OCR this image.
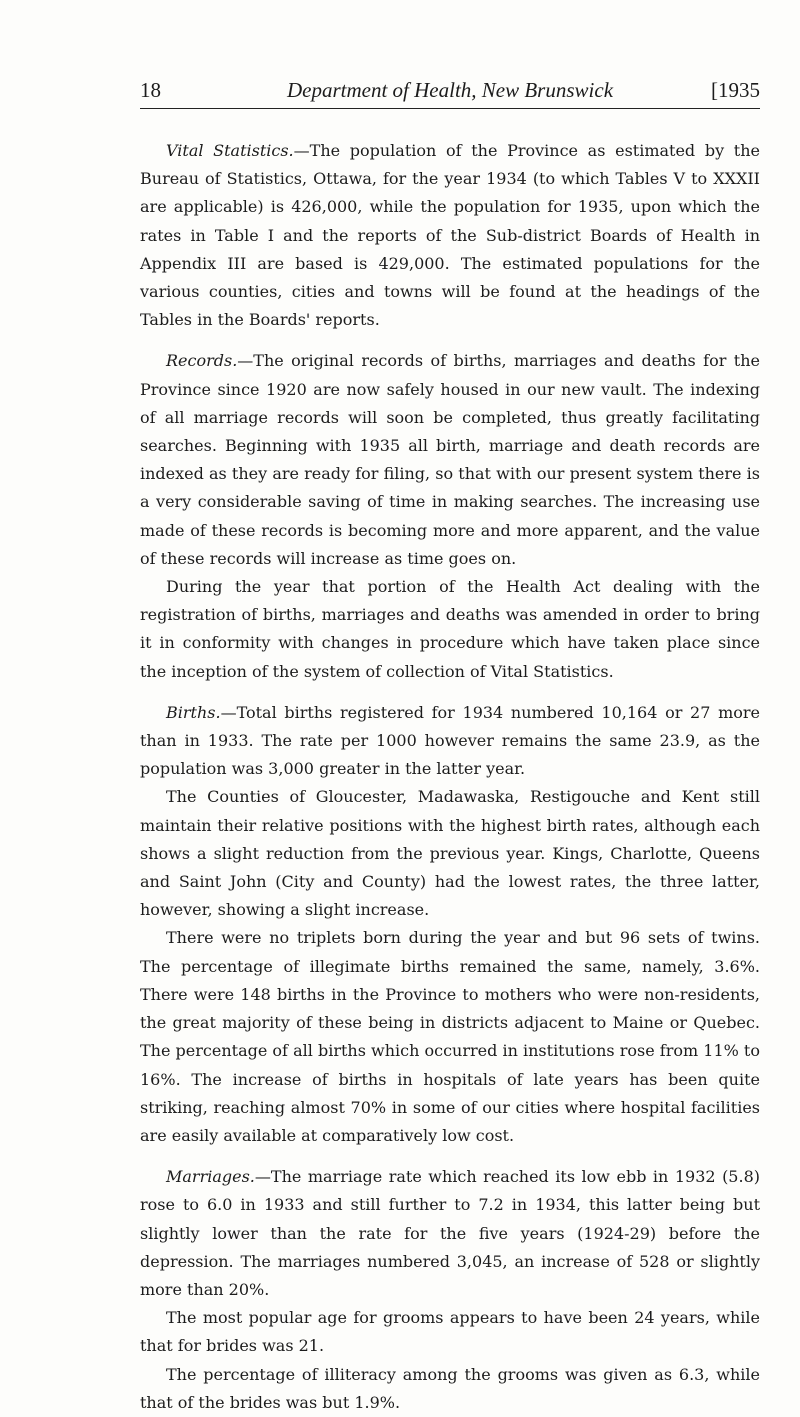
18	Department of Health, New Brunswick	[1935

Vital Statistics.—The population of the Province as estimated by the Bureau of Statistics, Ottawa, for the year 1934 (to which Tables V to XXXII are applicable) is 426,000, while the population for 1935, upon which the rates in Table I and the reports of the Sub-district Boards of Health in Appendix III are based is 429,000. The estimated populations for the various counties, cities and towns will be found at the headings of the Tables in the Boards' reports.

Records.—The original records of births, marriages and deaths for the Province since 1920 are now safely housed in our new vault. The indexing of all marriage records will soon be completed, thus greatly facilitating searches. Beginning with 1935 all birth, marriage and death records are indexed as they are ready for filing, so that with our present system there is a very considerable saving of time in making searches. The increasing use made of these records is becoming more and more apparent, and the value of these records will increase as time goes on.

During the year that portion of the Health Act dealing with the registration of births, marriages and deaths was amended in order to bring it in conformity with changes in procedure which have taken place since the inception of the system of collection of Vital Statistics.

Births.—Total births registered for 1934 numbered 10,164 or 27 more than in 1933. The rate per 1000 however remains the same 23.9, as the population was 3,000 greater in the latter year.

The Counties of Gloucester, Madawaska, Restigouche and Kent still maintain their relative positions with the highest birth rates, although each shows a slight reduction from the previous year. Kings, Charlotte, Queens and Saint John (City and County) had the lowest rates, the three latter, however, showing a slight increase.

There were no triplets born during the year and but 96 sets of twins. The percentage of illegimate births remained the same, namely, 3.6%. There were 148 births in the Province to mothers who were non-residents, the great majority of these being in districts adjacent to Maine or Quebec. The percentage of all births which occurred in institutions rose from 11% to 16%. The increase of births in hospitals of late years has been quite striking, reaching almost 70% in some of our cities where hospital facilities are easily available at comparatively low cost.

Marriages.—The marriage rate which reached its low ebb in 1932 (5.8) rose to 6.0 in 1933 and still further to 7.2 in 1934, this latter being but slightly lower than the rate for the five years (1924-29) before the depression. The marriages numbered 3,045, an increase of 528 or slightly more than 20%.

The most popular age for grooms appears to have been 24 years, while that for brides was 21.

The percentage of illiteracy among the grooms was given as 6.3, while that of the brides was but 1.9%.
